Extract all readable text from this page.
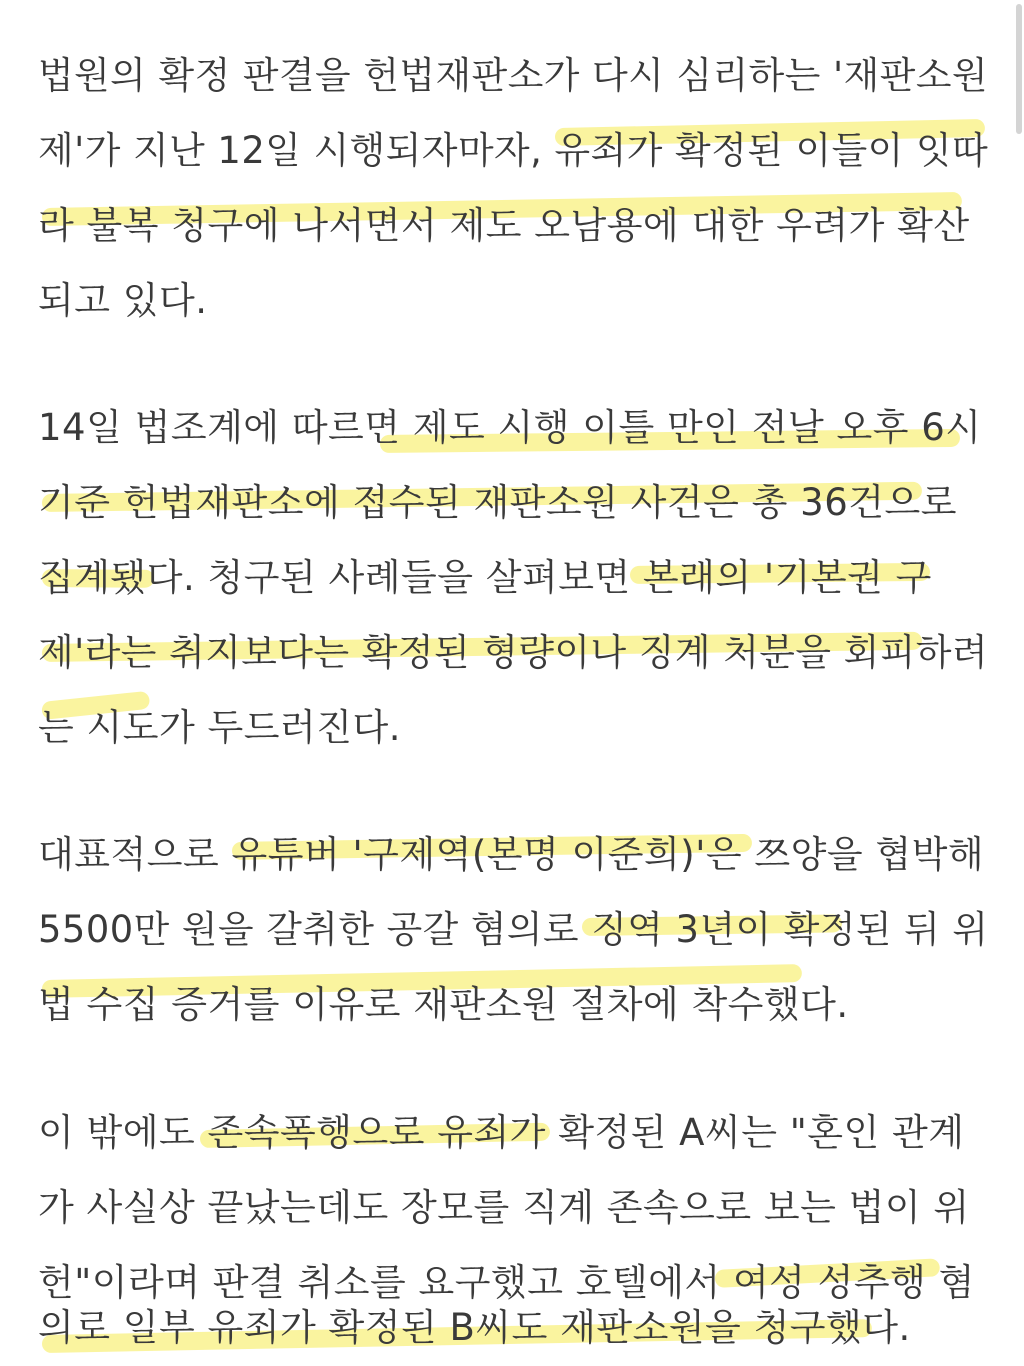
법원의 확정 판결을 헌법재판소가 다시 심리하는 '재판소원
제'가 지난 12일 시행되자마자, 유죄가 확정된 이들이 잇따
라 불복 청구에 나서면서 제도 오남용에 대한 우려가 확산
되고 있다.
14일 법조계에 따르면 제도 시행 이틀 만인 전날 오후 6시
기준 헌법재판소에 접수된 재판소원 사건은 총 36건으로
집계됐다. 청구된 사례들을 살펴보면 본래의 '기본권 구
제'라는 취지보다는 확정된 형량이나 징계 처분을 회피하려
는 시도가 두드러진다.
대표적으로 유튜버 '구제역(본명 이준희)'은 쯔양을 협박해
5500만 원을 갈취한 공갈 혐의로 징역 3년이 확정된 뒤 위
법 수집 증거를 이유로 재판소원 절차에 착수했다.
이 밖에도 존속폭행으로 유죄가 확정된 A씨는 "혼인 관계
가 사실상 끝났는데도 장모를 직계 존속으로 보는 법이 위
헌"이라며 판결 취소를 요구했고 호텔에서 여성 성추행 혐
의로 일부 유죄가 확정된 B씨도 재판소원을 청구했다.
